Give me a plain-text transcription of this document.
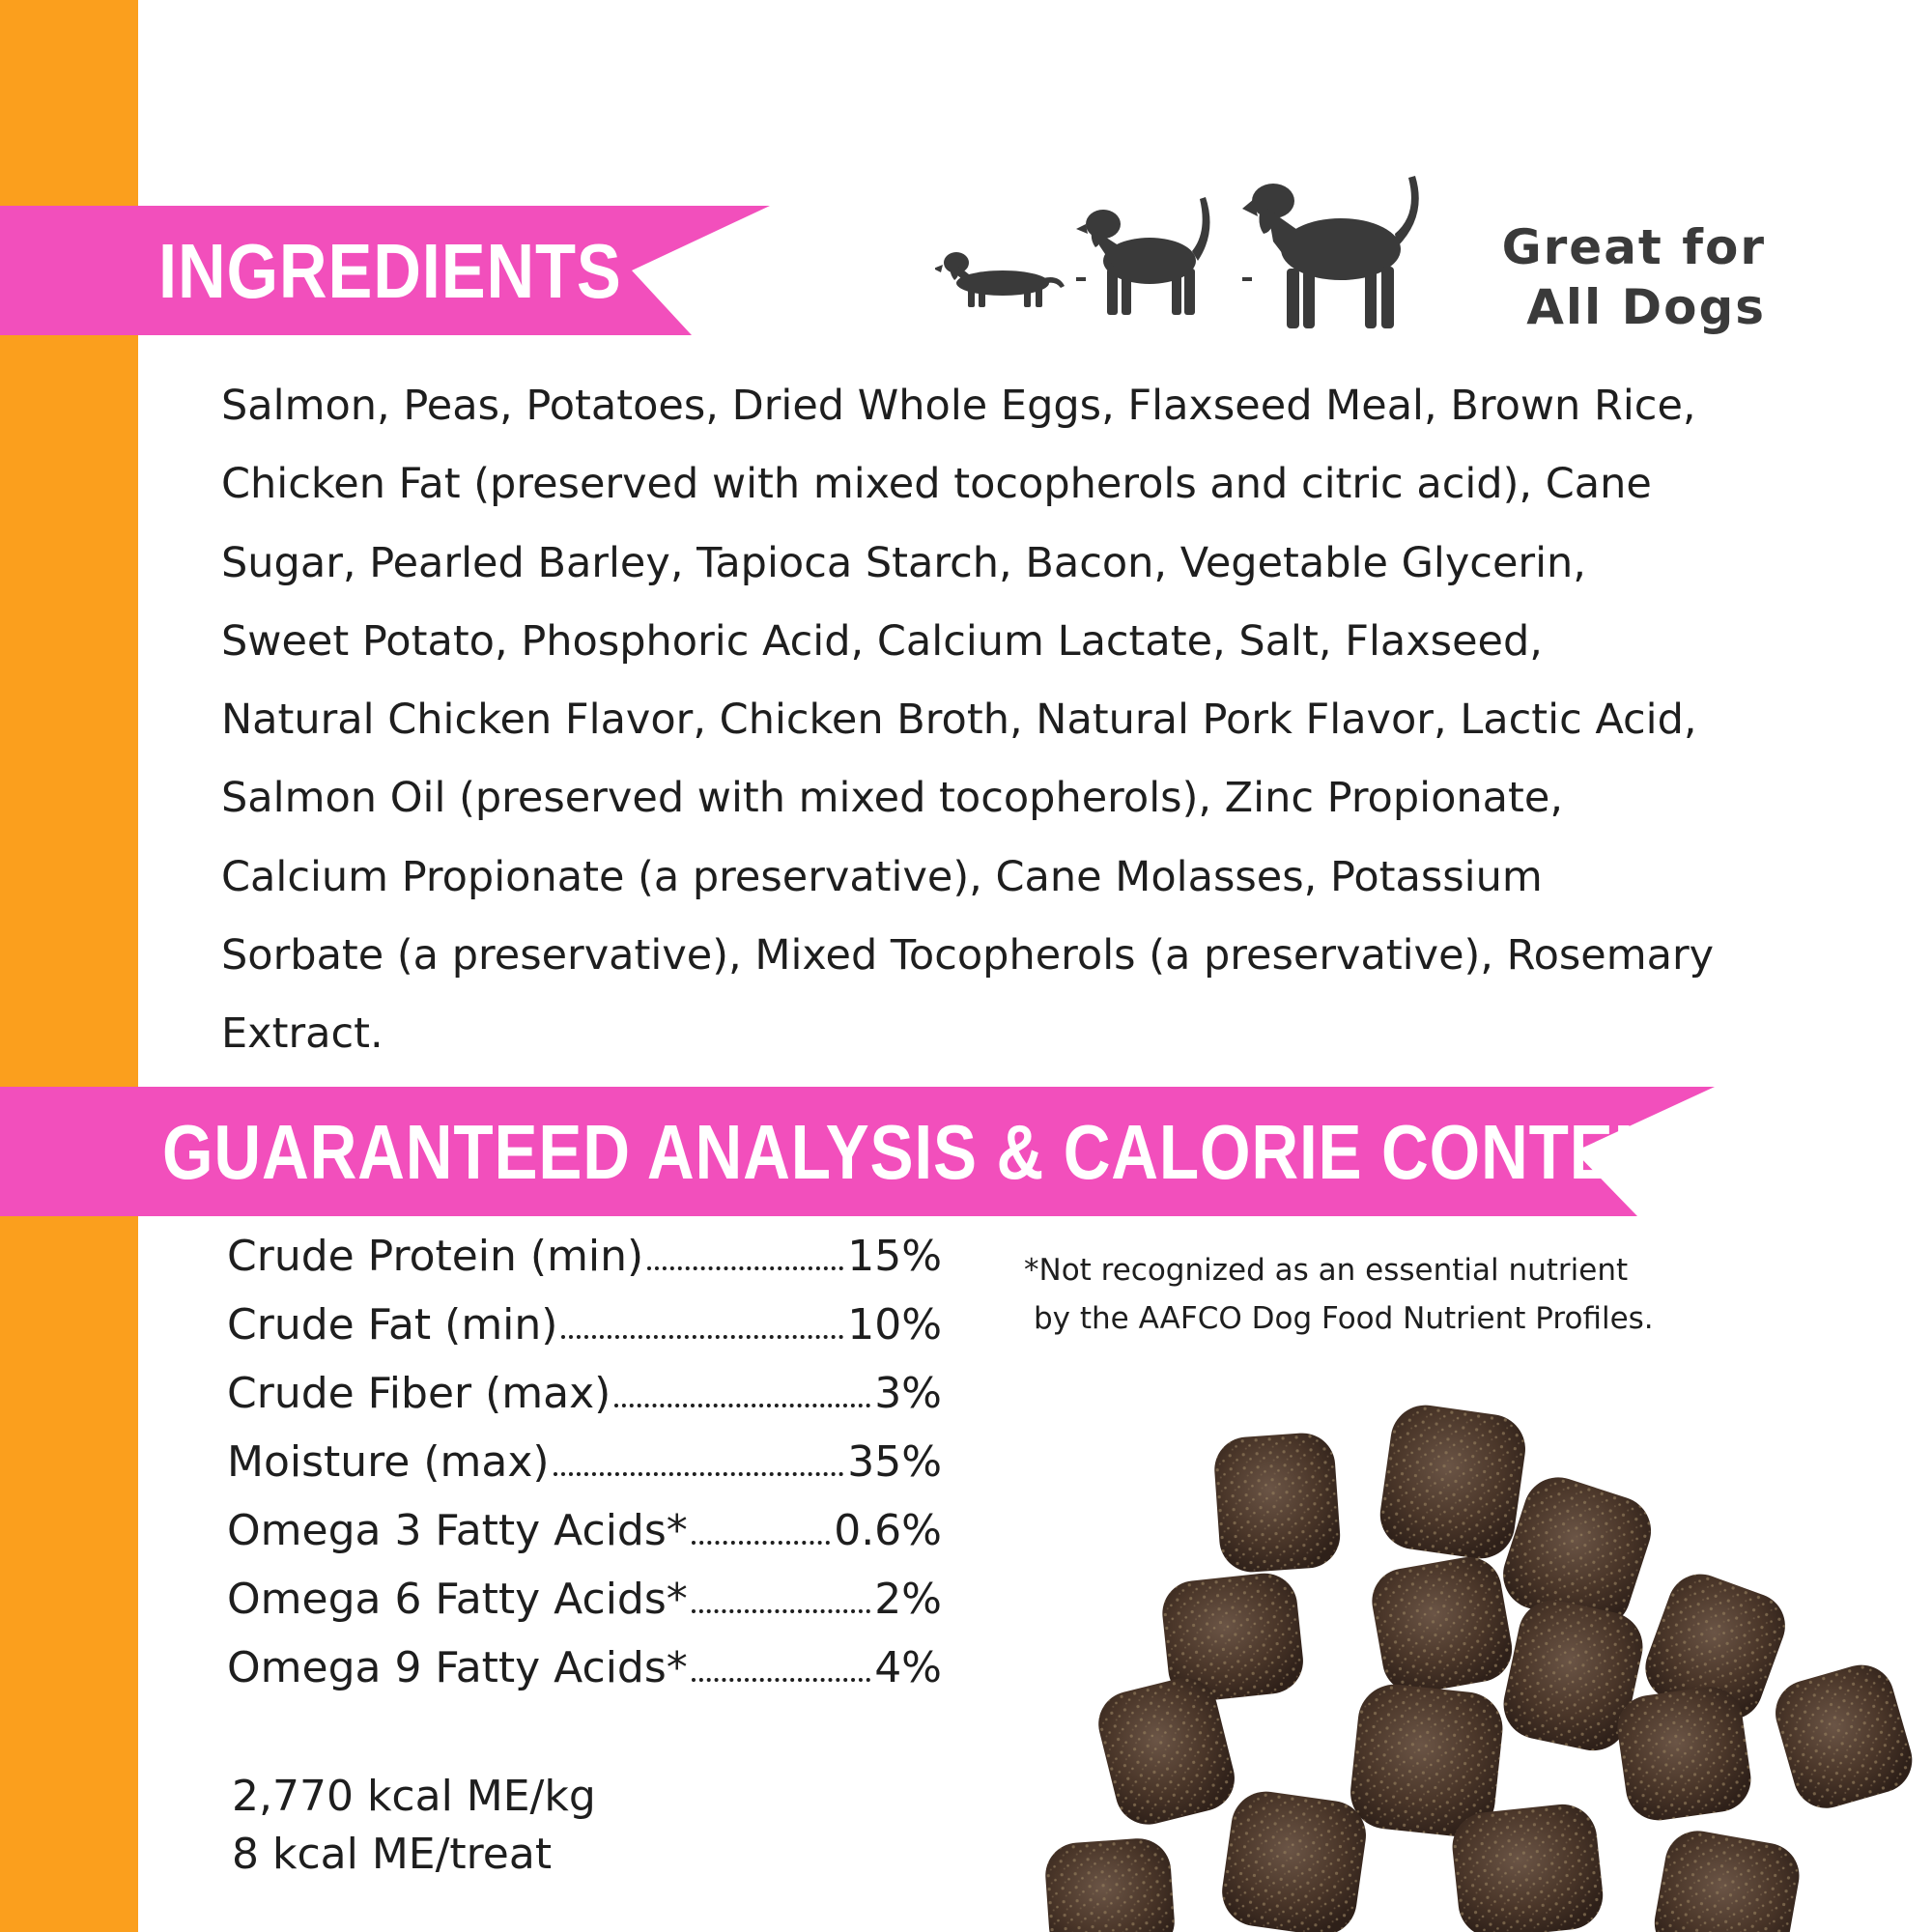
INGREDIENTS	Great for
All Dogs
Salmon, Peas, Potatoes, Dried Whole Eggs, Flaxseed Meal, Brown Rice,
Chicken Fat (preserved with mixed tocopherols and citric acid), Cane
Sugar, Pearled Barley, Tapioca Starch, Bacon, Vegetable Glycerin,
Sweet Potato, Phosphoric Acid, Calcium Lactate, Salt, Flaxseed,
Natural Chicken Flavor, Chicken Broth, Natural Pork Flavor, Lactic Acid,
Salmon Oil (preserved with mixed tocopherols), Zinc Propionate,
Calcium Propionate (a preservative), Cane Molasses, Potassium
Sorbate (a preservative), Mixed Tocopherols (a preservative), Rosemary
Extract.
GUARANTEED ANALYSIS & CALORIE CONTENT
Crude Protein (min)	15%
Crude Fat (min)	10%
Crude Fiber (max)	3%
Moisture (max)	35%
Omega 3 Fatty Acids*	0.6%
Omega 6 Fatty Acids*	2%
Omega 9 Fatty Acids*	4%
2,770 kcal ME/kg
8 kcal ME/treat
*Not recognized as an essential nutrient
by the AAFCO Dog Food Nutrient Profiles.
